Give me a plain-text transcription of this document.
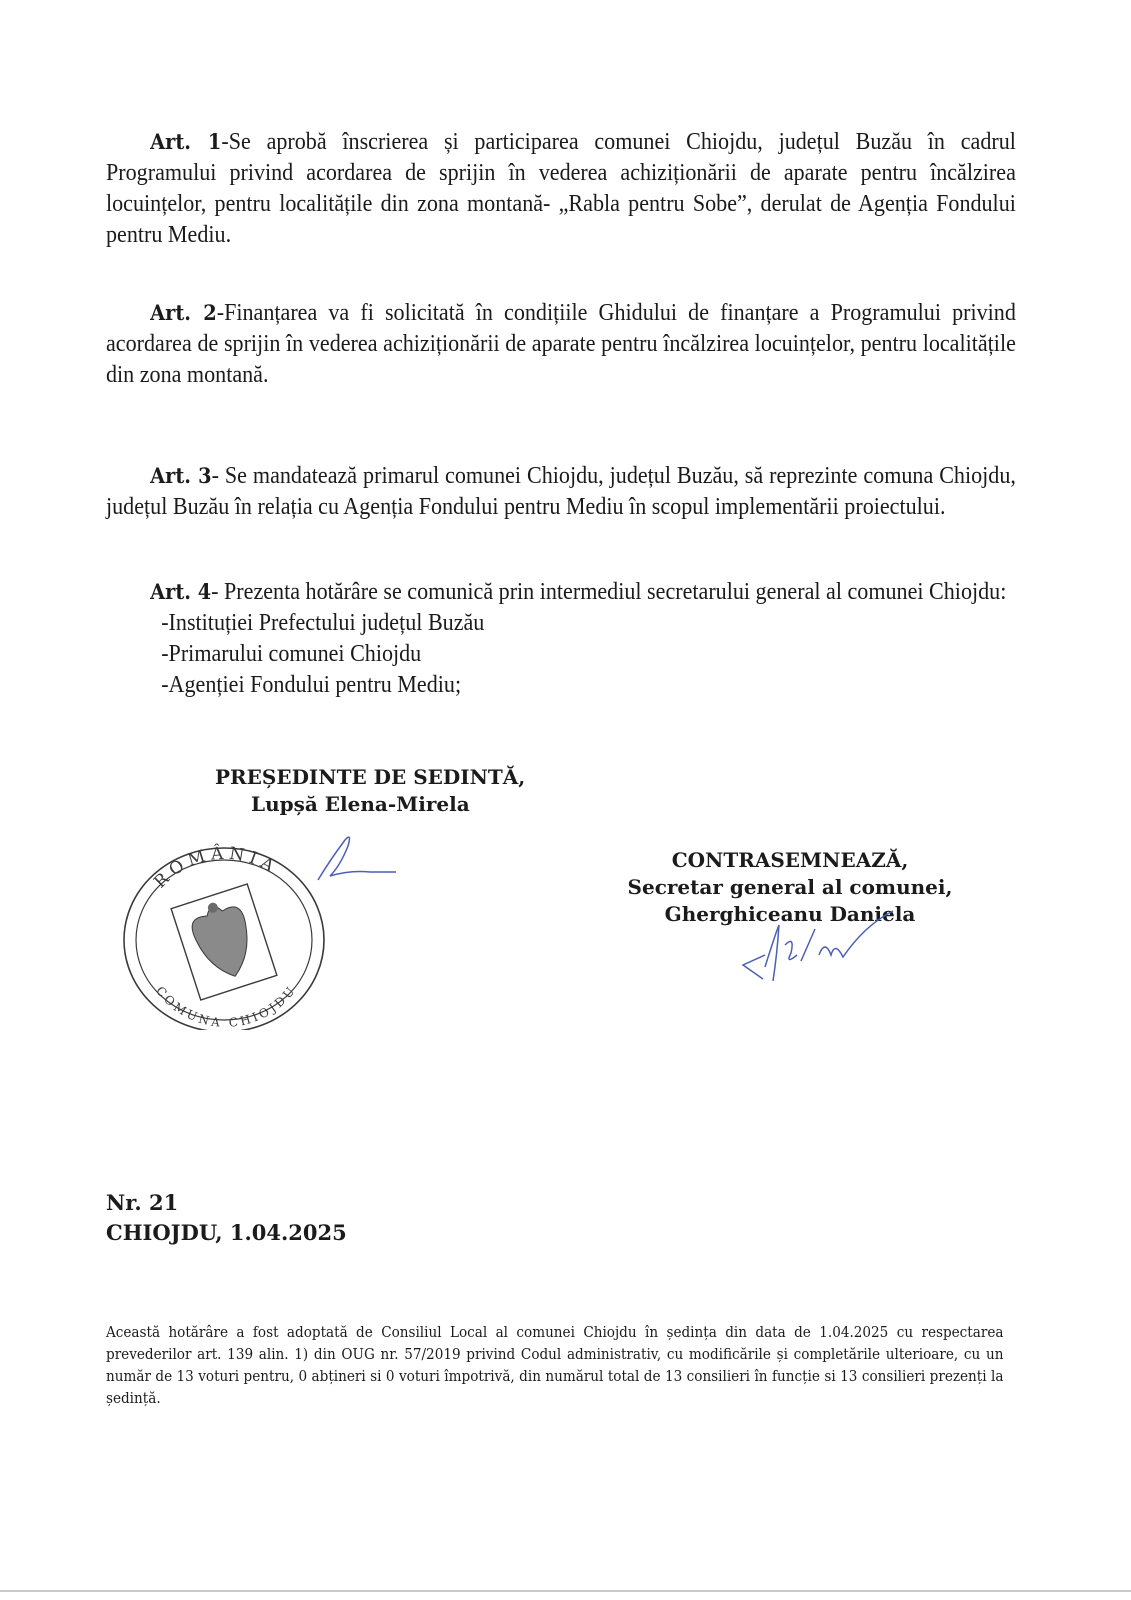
Art. 1-Se aprobă înscrierea și participarea comunei Chiojdu, județul Buzău în cadrul Programului privind acordarea de sprijin în vederea achiziționării de aparate pentru încălzirea locuințelor, pentru localitățile din zona montană- „Rabla pentru Sobe”, derulat de Agenția Fondului pentru Mediu.

Art. 2-Finanțarea va fi solicitată în condițiile Ghidului de finanțare a Programului privind acordarea de sprijin în vederea achiziționării de aparate pentru încălzirea locuințelor, pentru localitățile din zona montană.

Art. 3- Se mandatează primarul comunei Chiojdu, județul Buzău, să reprezinte comuna Chiojdu, județul Buzău în relația cu Agenția Fondului pentru Mediu în scopul implementării proiectului.

Art. 4- Prezenta hotărâre se comunică prin intermediul secretarului general al comunei Chiojdu:

-Instituției Prefectului județul Buzău
-Primarului comunei Chiojdu
-Agenției Fondului pentru Mediu;
PREȘEDINTE DE SEDINTĂ,
Lupșă Elena-Mirela
ROMÂNIA
COMUNA CHIOJDU
CONTRASEMNEAZĂ,
Secretar general al comunei,
Gherghiceanu Daniela
Nr. 21
CHIOJDU, 1.04.2025

Această hotărâre a fost adoptată de Consiliul Local al comunei Chiojdu în ședința din data de 1.04.2025 cu respectarea prevederilor art. 139 alin. 1) din OUG nr. 57/2019 privind Codul administrativ, cu modificările și completările ulterioare, cu un număr de 13 voturi pentru, 0 abțineri si 0 voturi împotrivă, din numărul total de 13 consilieri în funcție si 13 consilieri prezenți la ședință.
